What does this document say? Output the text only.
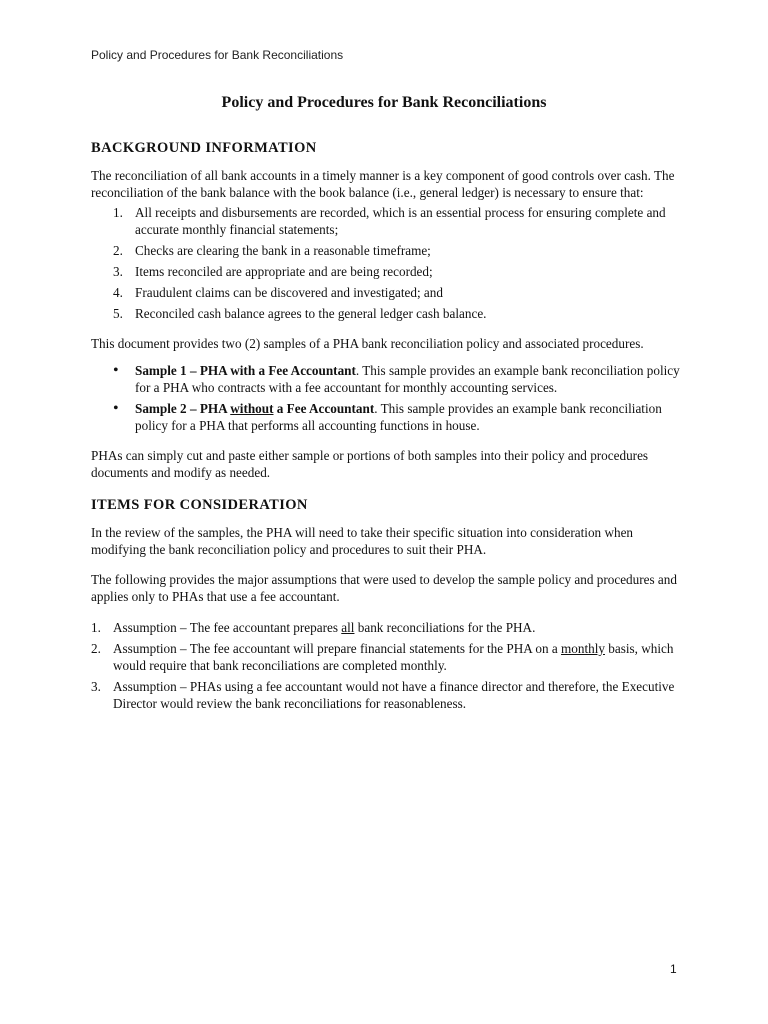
Policy and Procedures for Bank Reconciliations
Policy and Procedures for Bank Reconciliations
BACKGROUND INFORMATION

The reconciliation of all bank accounts in a timely manner is a key component of good controls over cash. The reconciliation of the bank balance with the book balance (i.e., general ledger) is necessary to ensure that:

1. All receipts and disbursements are recorded, which is an essential process for ensuring complete and accurate monthly financial statements;
2. Checks are clearing the bank in a reasonable timeframe;
3. Items reconciled are appropriate and are being recorded;
4. Fraudulent claims can be discovered and investigated; and
5. Reconciled cash balance agrees to the general ledger cash balance.

This document provides two (2) samples of a PHA bank reconciliation policy and associated procedures.

•	Sample 1 – PHA with a Fee Accountant. This sample provides an example bank reconciliation policy for a PHA who contracts with a fee accountant for monthly accounting services.
•	Sample 2 – PHA without a Fee Accountant. This sample provides an example bank reconciliation policy for a PHA that performs all accounting functions in house.

PHAs can simply cut and paste either sample or portions of both samples into their policy and procedures documents and modify as needed.

ITEMS FOR CONSIDERATION

In the review of the samples, the PHA will need to take their specific situation into consideration when modifying the bank reconciliation policy and procedures to suit their PHA.

The following provides the major assumptions that were used to develop the sample policy and procedures and applies only to PHAs that use a fee accountant.

1. Assumption – The fee accountant prepares all bank reconciliations for the PHA.
2. Assumption – The fee accountant will prepare financial statements for the PHA on a monthly basis, which would require that bank reconciliations are completed monthly.
3. Assumption – PHAs using a fee accountant would not have a finance director and therefore, the Executive Director would review the bank reconciliations for reasonableness.
1
